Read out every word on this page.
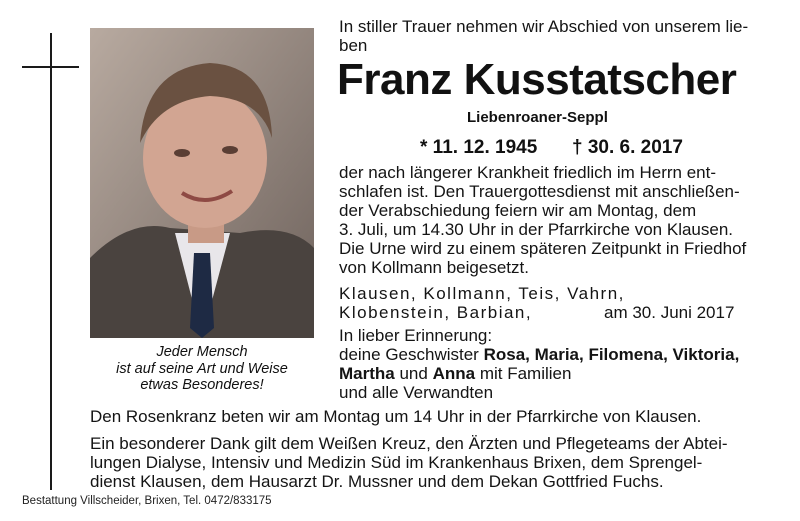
Jeder Mensch
ist auf seine Art und Weise
etwas Besonderes!
In stiller Trauer nehmen wir Abschied von unserem lie-
ben
Franz Kusstatscher
Liebenroaner-Seppl
* 11. 12. 1945 † 30. 6. 2017
der nach längerer Krankheit friedlich im Herrn ent-
schlafen ist. Den Trauergottesdienst mit anschließen-
der Verabschiedung feiern wir am Montag, dem
3. Juli, um 14.30 Uhr in der Pfarrkirche von Klausen.
Die Urne wird zu einem späteren Zeitpunkt in Friedhof
von Kollmann beigesetzt.
Klausen, Kollmann, Teis, Vahrn,
Klobenstein, Barbian,	am 30. Juni 2017
In lieber Erinnerung:
deine Geschwister Rosa, Maria, Filomena, Viktoria,
Martha und Anna mit Familien
und alle Verwandten
Den Rosenkranz beten wir am Montag um 14 Uhr in der Pfarrkirche von Klausen.
Ein besonderer Dank gilt dem Weißen Kreuz, den Ärzten und Pflegeteams der Abtei-
lungen Dialyse, Intensiv und Medizin Süd im Krankenhaus Brixen, dem Sprengel-
dienst Klausen, dem Hausarzt Dr. Mussner und dem Dekan Gottfried Fuchs.
Bestattung Villscheider, Brixen, Tel. 0472/833175
